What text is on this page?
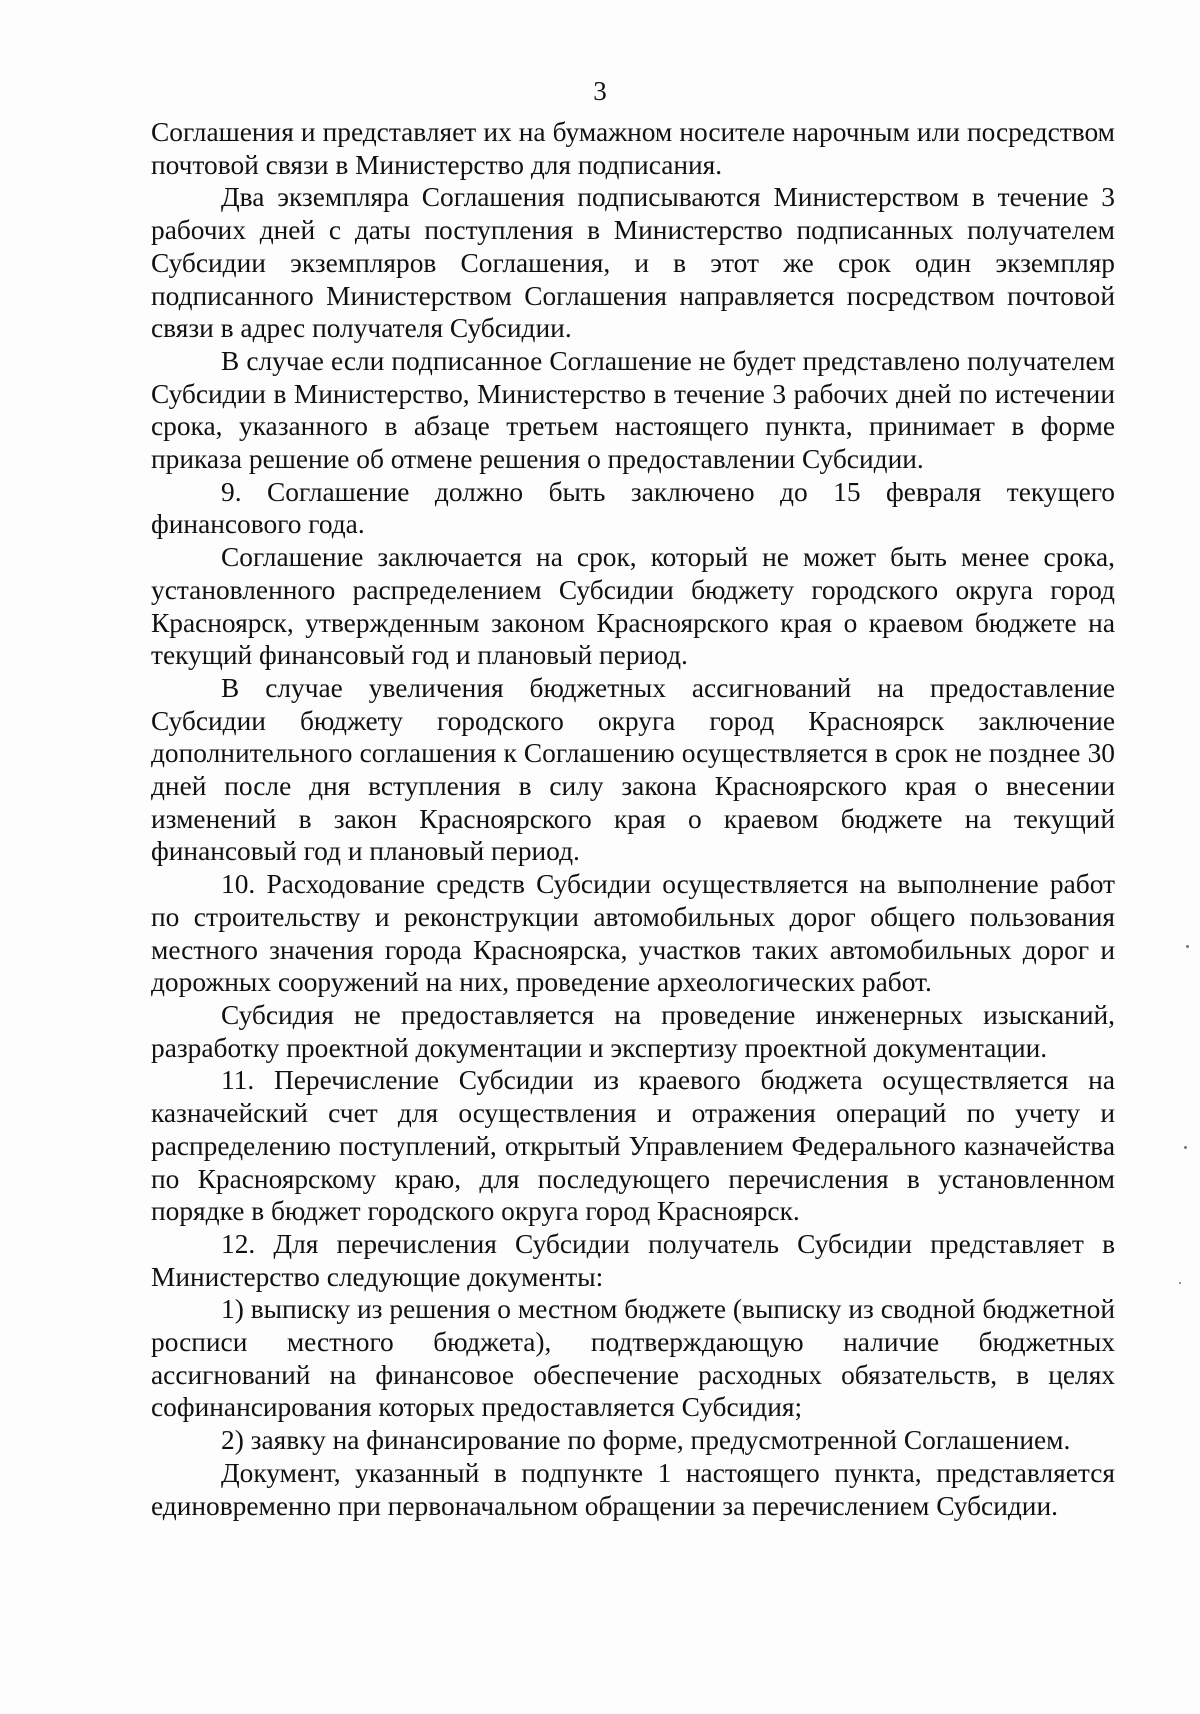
3

Соглашения и представляет их на бумажном носителе нарочным или посредством почтовой связи в Министерство для подписания.

Два экземпляра Соглашения подписываются Министерством в течение 3 рабочих дней с даты поступления в Министерство подписанных получателем Субсидии экземпляров Соглашения, и в этот же срок один экземпляр подписанного Министерством Соглашения направляется посредством почтовой связи в адрес получателя Субсидии.

В случае если подписанное Соглашение не будет представлено получателем Субсидии в Министерство, Министерство в течение 3 рабочих дней по истечении срока, указанного в абзаце третьем настоящего пункта, принимает в форме приказа решение об отмене решения о предоставлении Субсидии.

9. Соглашение должно быть заключено до 15 февраля текущего финансового года.

Соглашение заключается на срок, который не может быть менее срока, установленного распределением Субсидии бюджету городского округа город Красноярск, утвержденным законом Красноярского края о краевом бюджете на текущий финансовый год и плановый период.

В случае увеличения бюджетных ассигнований на предоставление Субсидии бюджету городского округа город Красноярск заключение дополнительного соглашения к Соглашению осуществляется в срок не позднее 30 дней после дня вступления в силу закона Красноярского края о внесении изменений в закон Красноярского края о краевом бюджете на текущий финансовый год и плановый период.

10. Расходование средств Субсидии осуществляется на выполнение работ по строительству и реконструкции автомобильных дорог общего пользования местного значения города Красноярска, участков таких автомобильных дорог и дорожных сооружений на них, проведение археологических работ.

Субсидия не предоставляется на проведение инженерных изысканий, разработку проектной документации и экспертизу проектной документации.

11. Перечисление Субсидии из краевого бюджета осуществляется на казначейский счет для осуществления и отражения операций по учету и распределению поступлений, открытый Управлением Федерального казначейства по Красноярскому краю, для последующего перечисления в установленном порядке в бюджет городского округа город Красноярск.

12. Для перечисления Субсидии получатель Субсидии представляет в Министерство следующие документы:

1) выписку из решения о местном бюджете (выписку из сводной бюджетной росписи местного бюджета), подтверждающую наличие бюджетных ассигнований на финансовое обеспечение расходных обязательств, в целях софинансирования которых предоставляется Субсидия;

2) заявку на финансирование по форме, предусмотренной Соглашением.

Документ, указанный в подпункте 1 настоящего пункта, представляется единовременно при первоначальном обращении за перечислением Субсидии.
